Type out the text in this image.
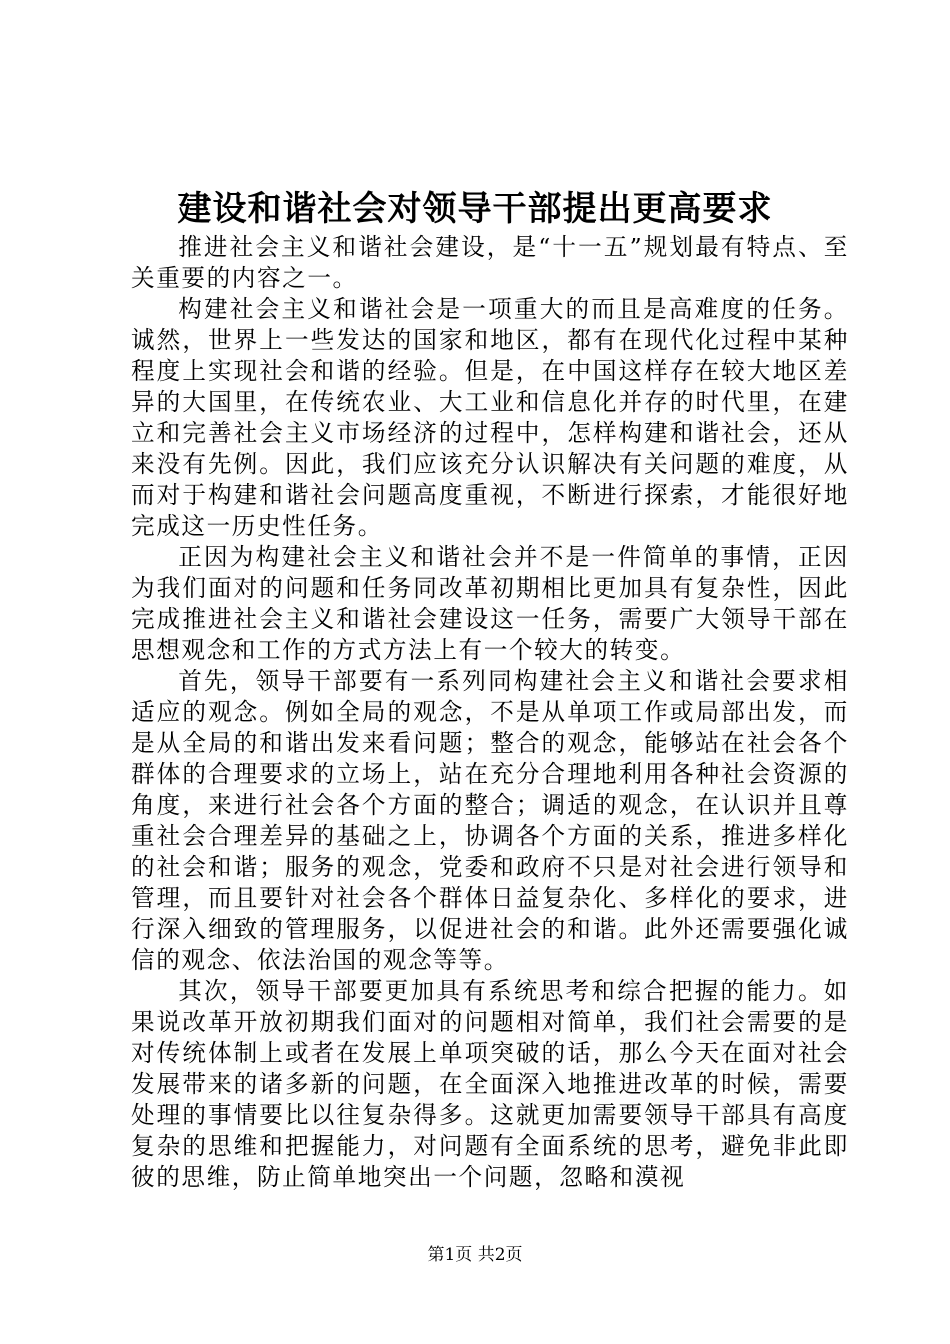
建设和谐社会对领导干部提出更高要求

推进社会主义和谐社会建设，是“十一五”规划最有特点、至关重要的内容之一。

构建社会主义和谐社会是一项重大的而且是高难度的任务。诚然，世界上一些发达的国家和地区，都有在现代化过程中某种程度上实现社会和谐的经验。但是，在中国这样存在较大地区差异的大国里，在传统农业、大工业和信息化并存的时代里，在建立和完善社会主义市场经济的过程中，怎样构建和谐社会，还从来没有先例。因此，我们应该充分认识解决有关问题的难度，从而对于构建和谐社会问题高度重视，不断进行探索，才能很好地完成这一历史性任务。

正因为构建社会主义和谐社会并不是一件简单的事情，正因为我们面对的问题和任务同改革初期相比更加具有复杂性，因此完成推进社会主义和谐社会建设这一任务，需要广大领导干部在思想观念和工作的方式方法上有一个较大的转变。

首先，领导干部要有一系列同构建社会主义和谐社会要求相适应的观念。例如全局的观念，不是从单项工作或局部出发，而是从全局的和谐出发来看问题；整合的观念，能够站在社会各个群体的合理要求的立场上，站在充分合理地利用各种社会资源的角度，来进行社会各个方面的整合；调适的观念，在认识并且尊重社会合理差异的基础之上，协调各个方面的关系，推进多样化的社会和谐；服务的观念，党委和政府不只是对社会进行领导和管理，而且要针对社会各个群体日益复杂化、多样化的要求，进行深入细致的管理服务，以促进社会的和谐。此外还需要强化诚信的观念、依法治国的观念等等。

其次，领导干部要更加具有系统思考和综合把握的能力。如果说改革开放初期我们面对的问题相对简单，我们社会需要的是对传统体制上或者在发展上单项突破的话，那么今天在面对社会发展带来的诸多新的问题，在全面深入地推进改革的时候，需要处理的事情要比以往复杂得多。这就更加需要领导干部具有高度复杂的思维和把握能力，对问题有全面系统的思考，避免非此即彼的思维，防止简单地突出一个问题，忽略和漠视

第1页 共2页
